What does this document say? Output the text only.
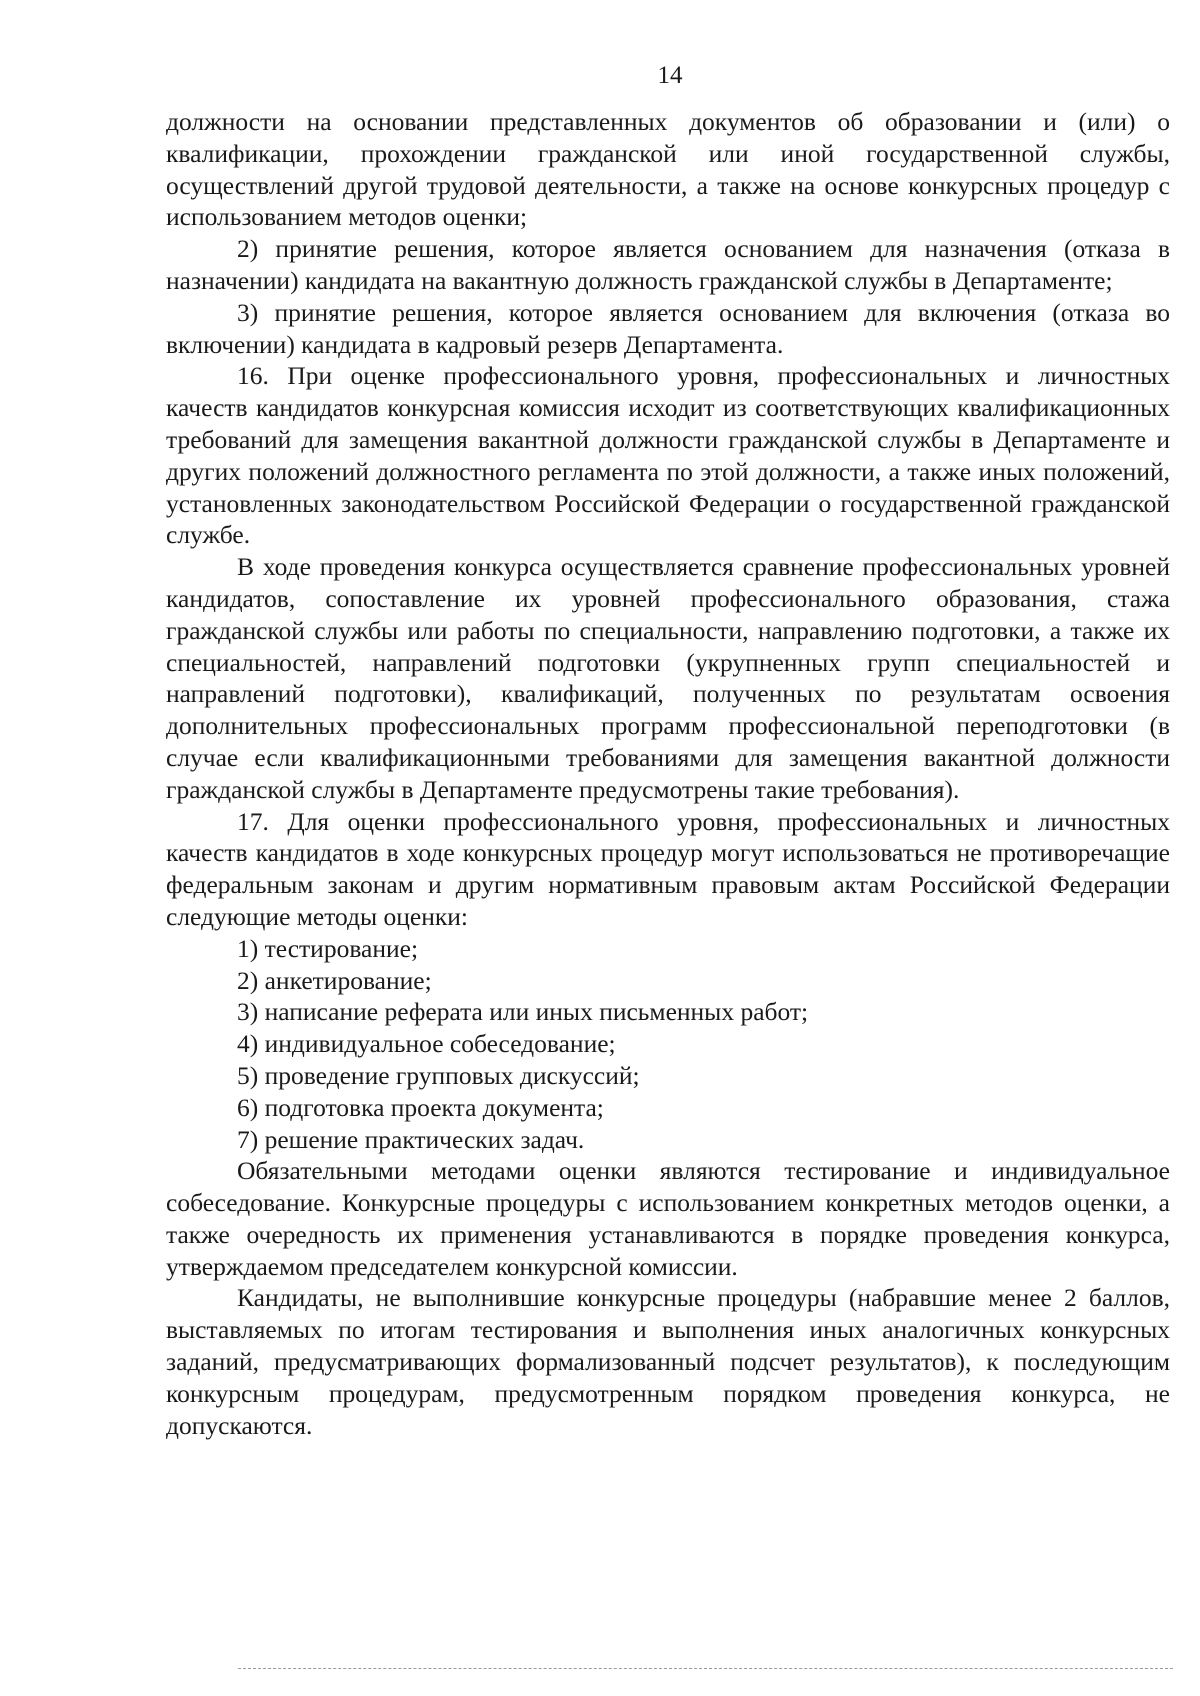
14

должности на основании представленных документов об образовании и (или) о квалификации, прохождении гражданской или иной государственной службы, осуществлений другой трудовой деятельности, а также на основе конкурсных процедур с использованием методов оценки;

2) принятие решения, которое является основанием для назначения (отказа в назначении) кандидата на вакантную должность гражданской службы в Департаменте;

3) принятие решения, которое является основанием для включения (отказа во включении) кандидата в кадровый резерв Департамента.

16. При оценке профессионального уровня, профессиональных и личностных качеств кандидатов конкурсная комиссия исходит из соответствующих квалификационных требований для замещения вакантной должности гражданской службы в Департаменте и других положений должностного регламента по этой должности, а также иных положений, установленных законодательством Российской Федерации о государственной гражданской службе.

В ходе проведения конкурса осуществляется сравнение профессиональных уровней кандидатов, сопоставление их уровней профессионального образования, стажа гражданской службы или работы по специальности, направлению подготовки, а также их специальностей, направлений подготовки (укрупненных групп специальностей и направлений подготовки), квалификаций, полученных по результатам освоения дополнительных профессиональных программ профессиональной переподготовки (в случае если квалификационными требованиями для замещения вакантной должности гражданской службы в Департаменте предусмотрены такие требования).

17. Для оценки профессионального уровня, профессиональных и личностных качеств кандидатов в ходе конкурсных процедур могут использоваться не противоречащие федеральным законам и другим нормативным правовым актам Российской Федерации следующие методы оценки:

1) тестирование;

2) анкетирование;

3) написание реферата или иных письменных работ;

4) индивидуальное собеседование;

5) проведение групповых дискуссий;

6) подготовка проекта документа;

7) решение практических задач.

Обязательными методами оценки являются тестирование и индивидуальное собеседование. Конкурсные процедуры с использованием конкретных методов оценки, а также очередность их применения устанавливаются в порядке проведения конкурса, утверждаемом председателем конкурсной комиссии.

Кандидаты, не выполнившие конкурсные процедуры (набравшие менее 2 баллов, выставляемых по итогам тестирования и выполнения иных аналогичных конкурсных заданий, предусматривающих формализованный подсчет результатов), к последующим конкурсным процедурам, предусмотренным порядком проведения конкурса, не допускаются.
